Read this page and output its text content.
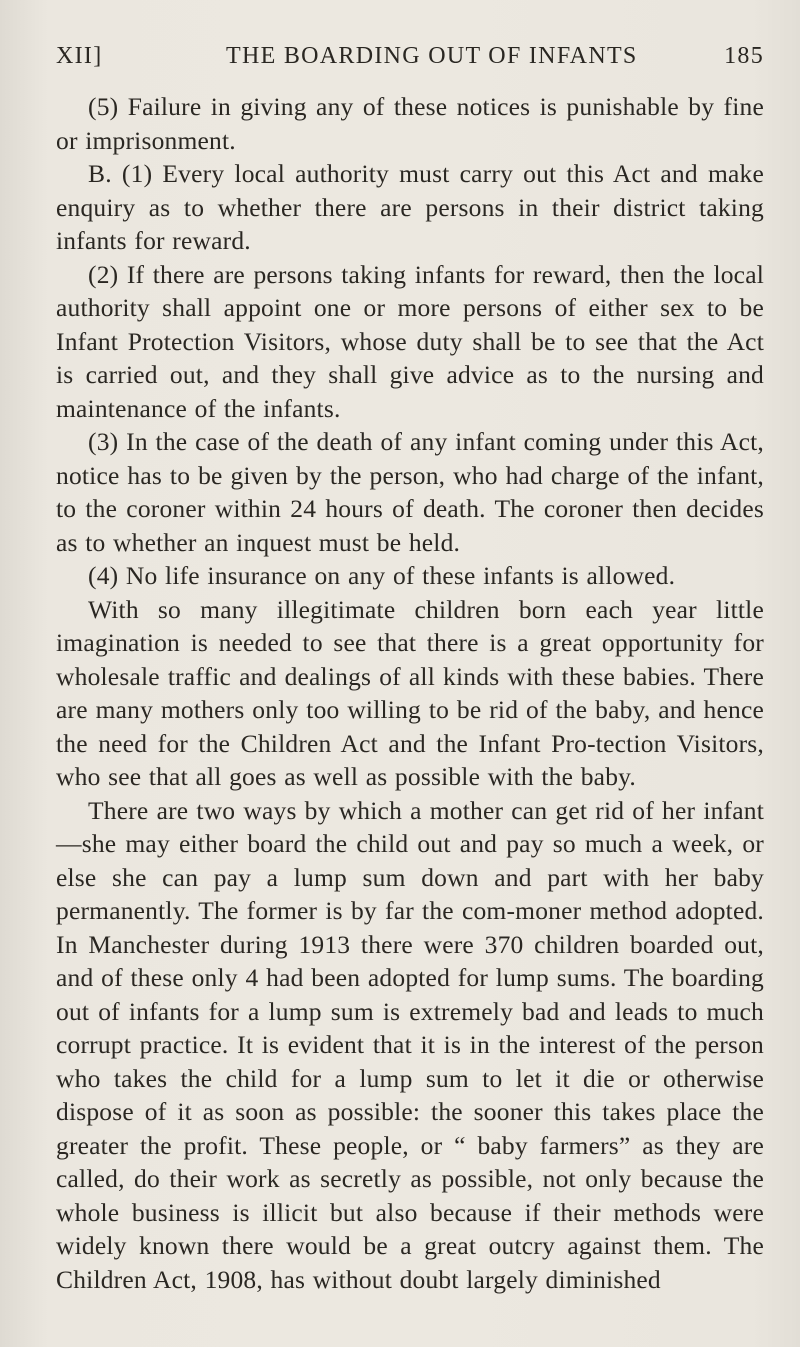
XII]	THE BOARDING OUT OF INFANTS	185

(5) Failure in giving any of these notices is punishable by fine or imprisonment.

B. (1) Every local authority must carry out this Act and make enquiry as to whether there are persons in their district taking infants for reward.

(2) If there are persons taking infants for reward, then the local authority shall appoint one or more persons of either sex to be Infant Protection Visitors, whose duty shall be to see that the Act is carried out, and they shall give advice as to the nursing and maintenance of the infants.

(3) In the case of the death of any infant coming under this Act, notice has to be given by the person, who had charge of the infant, to the coroner within 24 hours of death. The coroner then decides as to whether an inquest must be held.

(4) No life insurance on any of these infants is allowed.

With so many illegitimate children born each year little imagination is needed to see that there is a great opportunity for wholesale traffic and dealings of all kinds with these babies. There are many mothers only too willing to be rid of the baby, and hence the need for the Children Act and the Infant Pro-tection Visitors, who see that all goes as well as possible with the baby.

There are two ways by which a mother can get rid of her infant—she may either board the child out and pay so much a week, or else she can pay a lump sum down and part with her baby permanently. The former is by far the com-moner method adopted. In Manchester during 1913 there were 370 children boarded out, and of these only 4 had been adopted for lump sums. The boarding out of infants for a lump sum is extremely bad and leads to much corrupt practice. It is evident that it is in the interest of the person who takes the child for a lump sum to let it die or otherwise dispose of it as soon as possible: the sooner this takes place the greater the profit. These people, or “ baby farmers” as they are called, do their work as secretly as possible, not only because the whole business is illicit but also because if their methods were widely known there would be a great outcry against them. The Children Act, 1908, has without doubt largely diminished
